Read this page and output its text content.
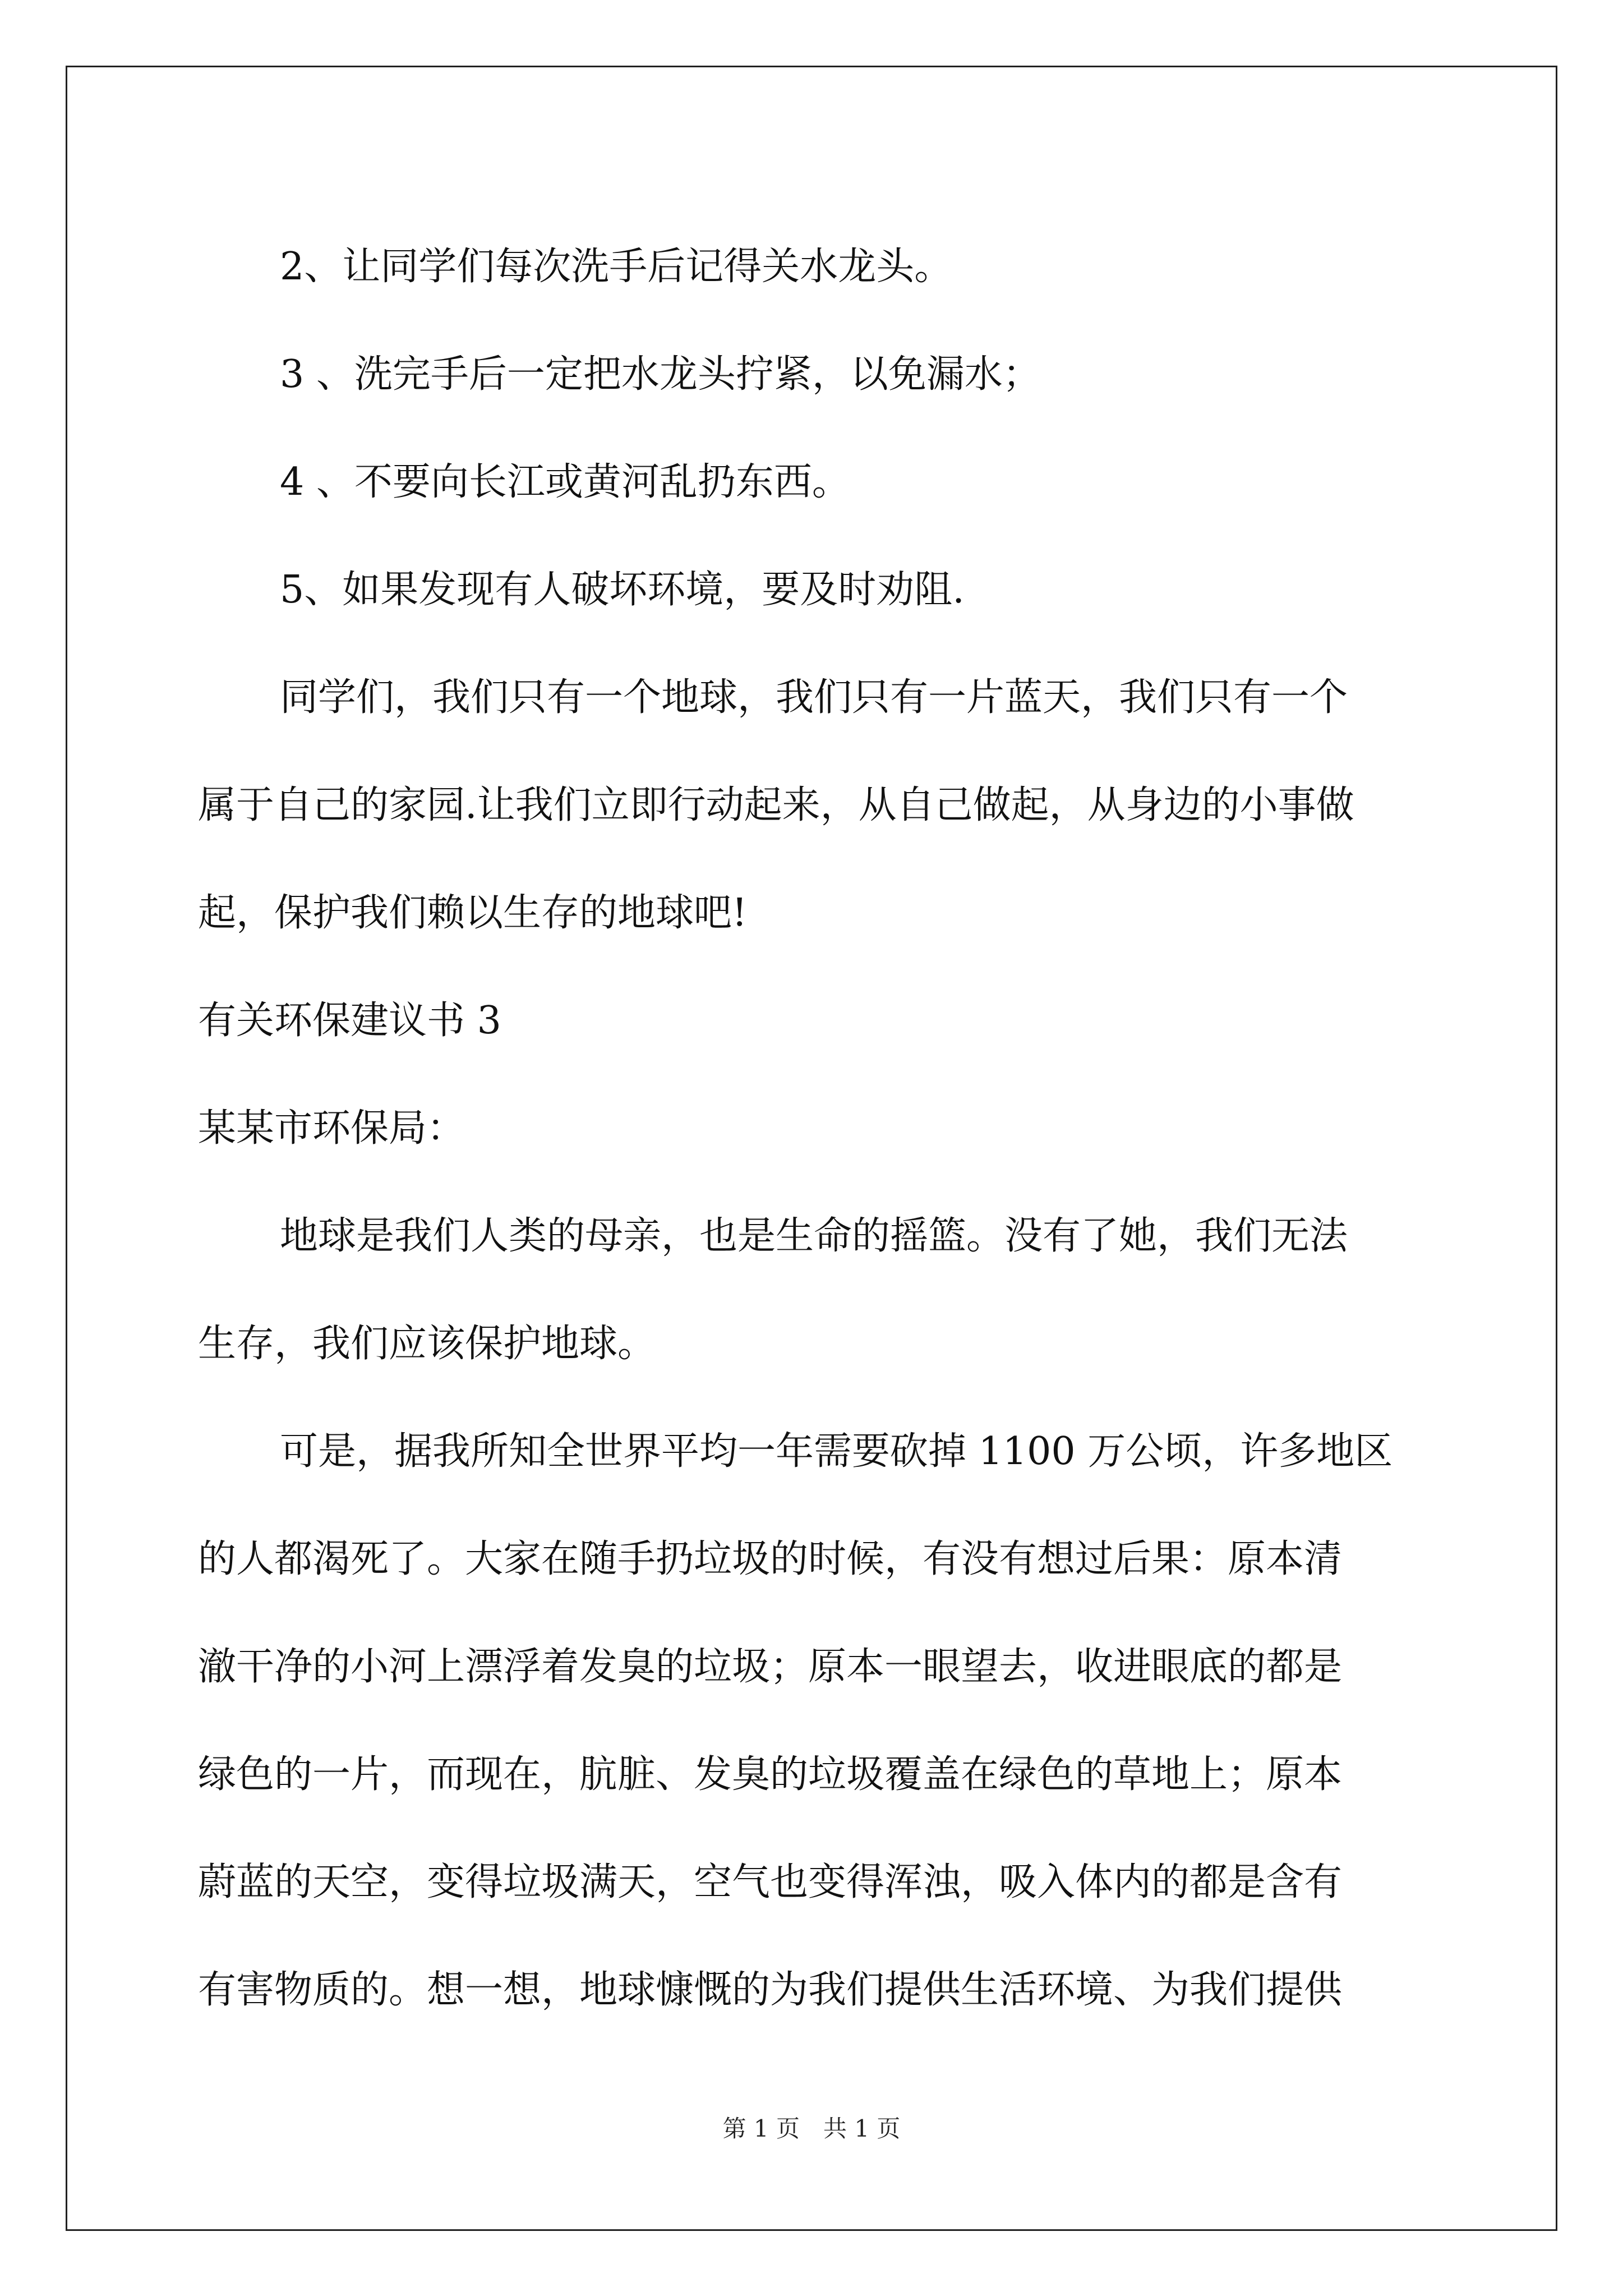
2、让同学们每次洗手后记得关水龙头。

3 、洗完手后一定把水龙头拧紧，以免漏水；

4 、不要向长江或黄河乱扔东西。

5、如果发现有人破坏环境，要及时劝阻.

同学们，我们只有一个地球，我们只有一片蓝天，我们只有一个

属于自己的家园.让我们立即行动起来，从自己做起，从身边的小事做

起，保护我们赖以生存的地球吧!

有关环保建议书 3

某某市环保局：

地球是我们人类的母亲，也是生命的摇篮。没有了她，我们无法

生存，我们应该保护地球。

可是，据我所知全世界平均一年需要砍掉 1100 万公顷，许多地区

的人都渴死了。大家在随手扔垃圾的时候，有没有想过后果：原本清

澈干净的小河上漂浮着发臭的垃圾；原本一眼望去，收进眼底的都是

绿色的一片，而现在，肮脏、发臭的垃圾覆盖在绿色的草地上；原本

蔚蓝的天空，变得垃圾满天，空气也变得浑浊，吸入体内的都是含有

有害物质的。想一想，地球慷慨的为我们提供生活环境、为我们提供

第 1 页　共 1 页
